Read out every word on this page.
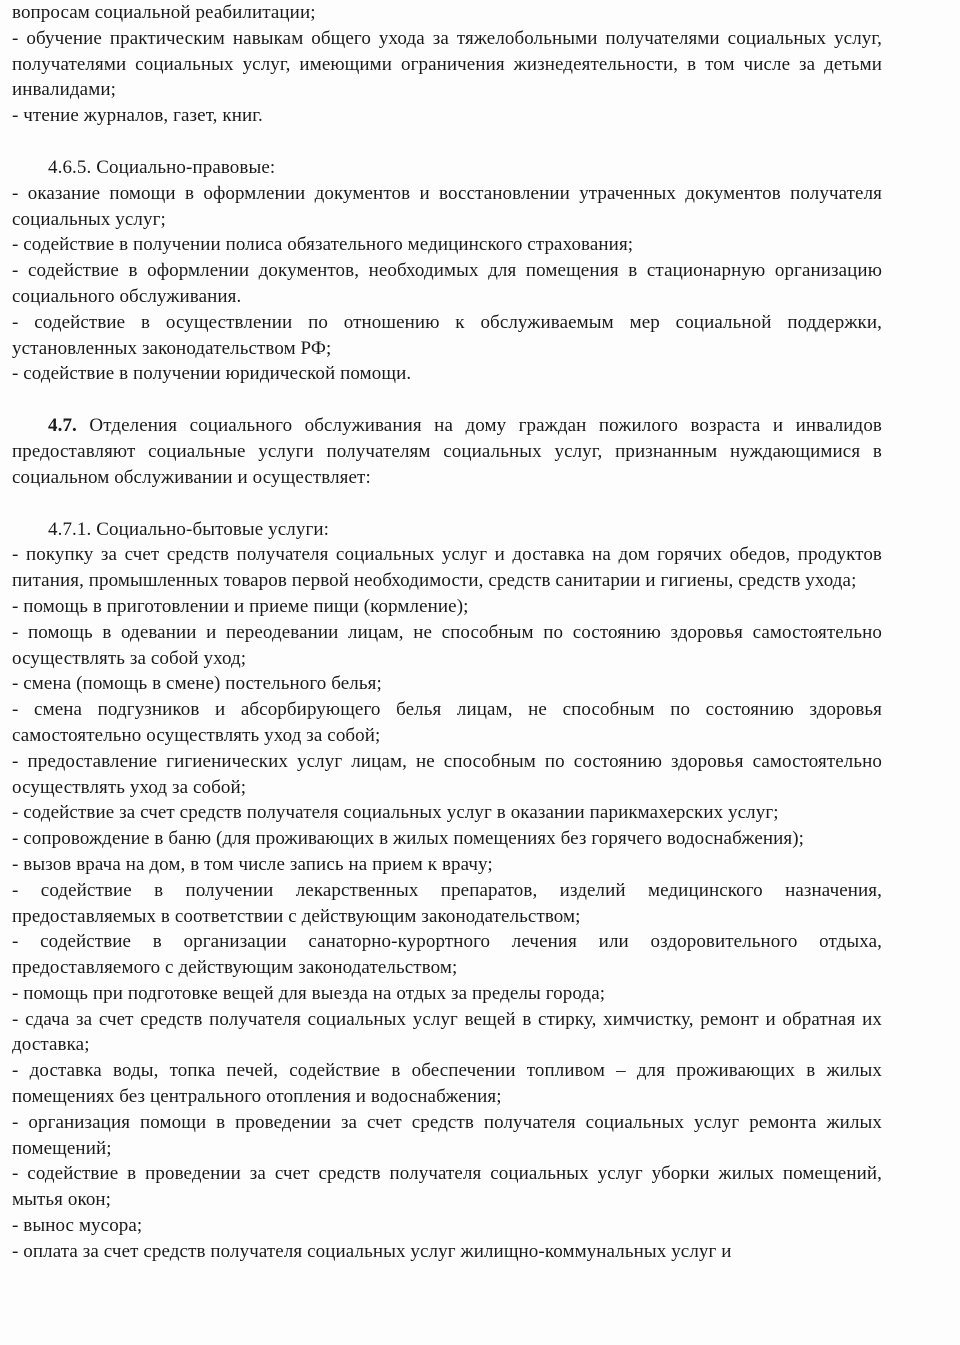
вопросам социальной реабилитации;

- обучение практическим навыкам общего ухода за тяжелобольными получателями социальных услуг, получателями социальных услуг, имеющими ограничения жизнедеятельности, в том числе за детьми инвалидами;

- чтение журналов, газет, книг.

4.6.5. Социально-правовые:

- оказание помощи в оформлении документов и восстановлении утраченных документов получателя социальных услуг;

- содействие в получении полиса обязательного медицинского страхования;

- содействие в оформлении документов, необходимых для помещения в стационарную организацию социального обслуживания.

- содействие в осуществлении по отношению к обслуживаемым мер социальной поддержки, установленных законодательством РФ;

- содействие в получении юридической помощи.

4.7. Отделения социального обслуживания на дому граждан пожилого возраста и инвалидов предоставляют социальные услуги получателям социальных услуг, признанным нуждающимися в социальном обслуживании и осуществляет:

4.7.1. Социально-бытовые услуги:

- покупку за счет средств получателя социальных услуг и доставка на дом горячих обедов, продуктов питания, промышленных товаров первой необходимости, средств санитарии и гигиены, средств ухода;

- помощь в приготовлении и приеме пищи (кормление);

- помощь в одевании и переодевании лицам, не способным по состоянию здоровья самостоятельно осуществлять за собой уход;

- смена (помощь в смене) постельного белья;

- смена подгузников и абсорбирующего белья лицам, не способным по состоянию здоровья самостоятельно осуществлять уход за собой;

- предоставление гигиенических услуг лицам, не способным по состоянию здоровья самостоятельно осуществлять уход за собой;

- содействие за счет средств получателя социальных услуг в оказании парикмахерских услуг;

- сопровождение в баню (для проживающих в жилых помещениях без горячего водоснабжения);

- вызов врача на дом, в том числе запись на прием к врачу;

- содействие в получении лекарственных препаратов, изделий медицинского назначения, предоставляемых в соответствии с действующим законодательством;

- содействие в организации санаторно-курортного лечения или оздоровительного отдыха, предоставляемого с действующим законодательством;

- помощь при подготовке вещей для выезда на отдых за пределы города;

- сдача за счет средств получателя социальных услуг вещей в стирку, химчистку, ремонт и обратная их доставка;

- доставка воды, топка печей, содействие в обеспечении топливом – для проживающих в жилых помещениях без центрального отопления и водоснабжения;

- организация помощи в проведении за счет средств получателя социальных услуг ремонта жилых помещений;

- содействие в проведении за счет средств получателя социальных услуг уборки жилых помещений, мытья окон;

- вынос мусора;

- оплата за счет средств получателя социальных услуг жилищно-коммунальных услуг и
